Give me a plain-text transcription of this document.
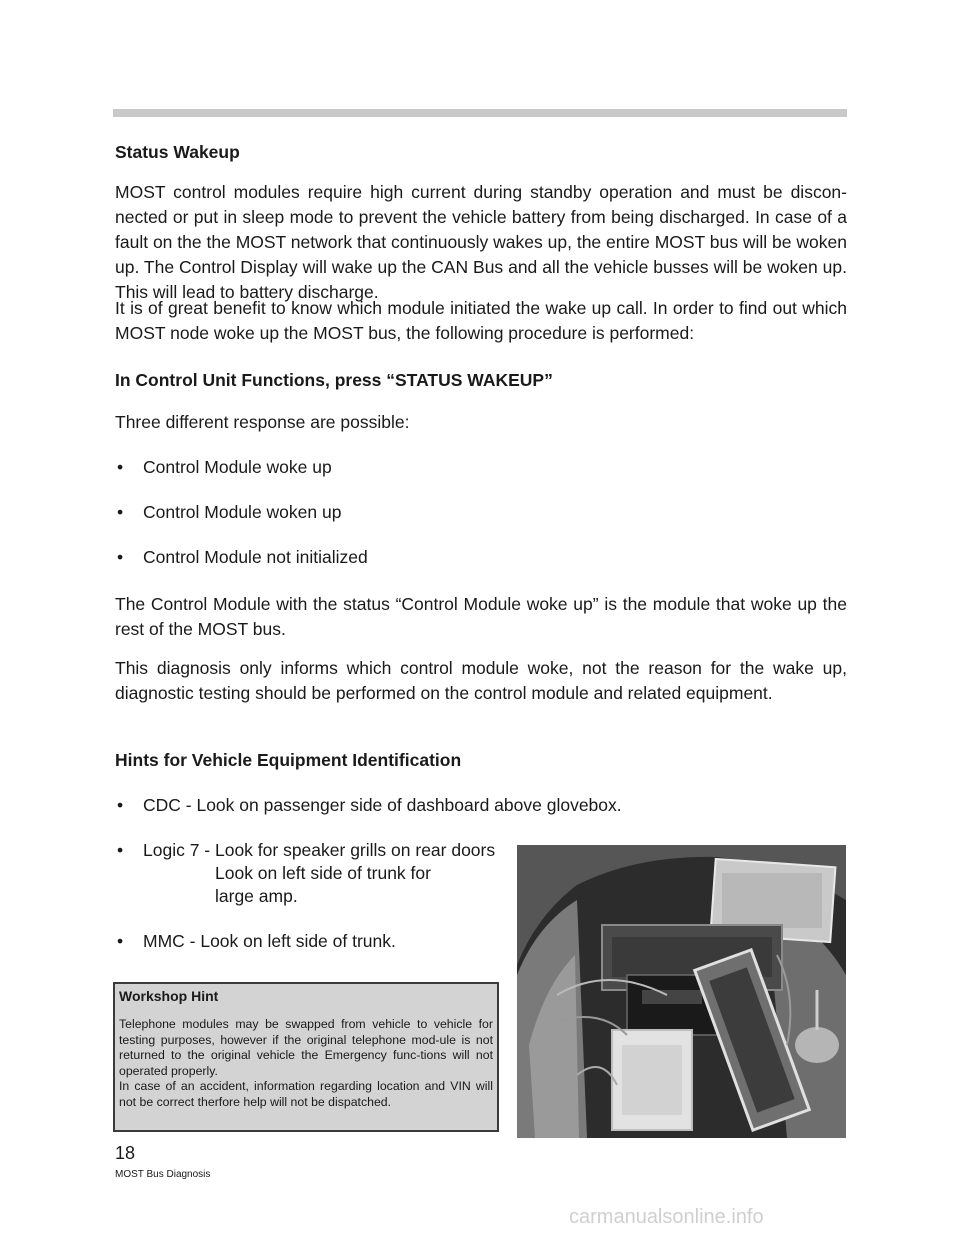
Status Wakeup
MOST control modules require high current during standby operation and must be discon-nected or put in sleep mode to prevent the vehicle battery from being discharged. In case of a fault on the the MOST network that continuously wakes up, the entire MOST bus will be woken up. The Control Display will wake up the CAN Bus and all the vehicle busses will be woken up. This will lead to battery discharge.
It is of great benefit to know which module initiated the wake up call. In order to find out which MOST node woke up the MOST bus, the following procedure is performed:
In Control Unit Functions, press “STATUS WAKEUP”
Three different response are possible:
• Control Module woke up
• Control Module woken up
• Control Module not initialized
The Control Module with the status “Control Module woke up” is the module that woke up the rest of the MOST bus.
This diagnosis only informs which control module woke, not the reason for the wake up, diagnostic testing should be performed on the control module and related equipment.
Hints for Vehicle Equipment Identification
• CDC - Look on passenger side of dashboard above glovebox.
• Logic 7 - Look for speaker grills on rear doors
Look on left side of trunk for
large amp.
• MMC - Look on left side of trunk.
Workshop Hint
Telephone modules may be swapped from vehicle to vehicle for testing purposes, however if the original telephone mod-ule is not returned to the original vehicle the Emergency func-tions will not operated properly.
In case of an accident, information regarding location and VIN will not be correct therfore help will not be dispatched.
18
MOST Bus Diagnosis
carmanualsonline.info
